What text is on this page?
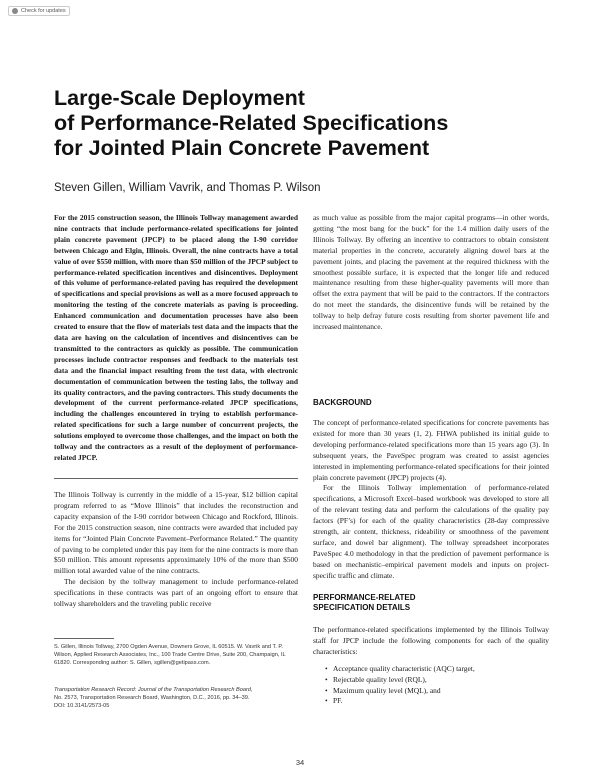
Check for updates
Large-Scale Deployment
of Performance-Related Specifications
for Jointed Plain Concrete Pavement
Steven Gillen, William Vavrik, and Thomas P. Wilson
For the 2015 construction season, the Illinois Tollway management awarded nine contracts that include performance-related specifications for jointed plain concrete pavement (JPCP) to be placed along the I-90 corridor between Chicago and Elgin, Illinois. Overall, the nine contracts have a total value of over $550 million, with more than $50 million of the JPCP subject to performance-related specification incentives and disincentives. Deployment of this volume of performance-related paving has required the development of specifications and special provisions as well as a more focused approach to monitoring the testing of the concrete materials as paving is proceeding. Enhanced communication and documentation processes have also been created to ensure that the flow of materials test data and the impacts that the data are having on the calculation of incentives and disincentives can be transmitted to the contractors as quickly as possible. The communication processes include contractor responses and feedback to the materials test data and the financial impact resulting from the test data, with electronic documentation of communication between the testing labs, the tollway and its quality contractors, and the paving contractors. This study documents the development of the current performance-related JPCP specifications, including the challenges encountered in trying to establish performance-related specifications for such a large number of concurrent projects, the solutions employed to overcome those challenges, and the impact on both the tollway and the contractors as a result of the deployment of performance-related JPCP.

The Illinois Tollway is currently in the middle of a 15-year, $12 billion capital program referred to as “Move Illinois” that includes the reconstruction and capacity expansion of the I-90 corridor between Chicago and Rockford, Illinois. For the 2015 construction season, nine contracts were awarded that included pay items for “Jointed Plain Concrete Pavement–Performance Related.” The quantity of paving to be completed under this pay item for the nine contracts is more than $50 million. This amount represents approximately 10% of the more than $500 million total awarded value of the nine contracts.

The decision by the tollway management to include performance-related specifications in these contracts was part of an ongoing effort to ensure that tollway shareholders and the traveling public receive

S. Gillen, Illinois Tollway, 2700 Ogden Avenue, Downers Grove, IL 60515. W. Vavrik and T. P. Wilson, Applied Research Associates, Inc., 100 Trade Centre Drive, Suite 200, Champaign, IL 61820. Corresponding author: S. Gillen, sgillen@getipass.com.
Transportation Research Record: Journal of the Transportation Research Board,
No. 2573, Transportation Research Board, Washington, D.C., 2016, pp. 34–39.
DOI: 10.3141/2573-05

as much value as possible from the major capital programs—in other words, getting “the most bang for the buck” for the 1.4 million daily users of the Illinois Tollway. By offering an incentive to contractors to obtain consistent material properties in the concrete, accurately aligning dowel bars at the pavement joints, and placing the pavement at the required thickness with the smoothest possible surface, it is expected that the longer life and reduced maintenance resulting from these higher-quality pavements will more than offset the extra payment that will be paid to the contractors. If the contractors do not meet the standards, the disincentive funds will be retained by the tollway to help defray future costs resulting from shorter pavement life and increased maintenance.

BACKGROUND

The concept of performance-related specifications for concrete pavements has existed for more than 30 years (1, 2). FHWA published its initial guide to developing performance-related specifications more than 15 years ago (3). In subsequent years, the PaveSpec program was created to assist agencies interested in implementing performance-related specifications for their jointed plain concrete pavement (JPCP) projects (4).

For the Illinois Tollway implementation of performance-related specifications, a Microsoft Excel–based workbook was developed to store all of the relevant testing data and perform the calculations of the quality pay factors (PF’s) for each of the quality characteristics (28-day compressive strength, air content, thickness, rideability or smoothness of the pavement surface, and dowel bar alignment). The tollway spreadsheet incorporates PaveSpec 4.0 methodology in that the prediction of pavement performance is based on mechanistic–empirical pavement models and inputs on project-specific traffic and climate.

PERFORMANCE-RELATED
SPECIFICATION DETAILS

The performance-related specifications implemented by the Illinois Tollway staff for JPCP include the following components for each of the quality characteristics:

• Acceptance quality characteristic (AQC) target,
• Rejectable quality level (RQL),
• Maximum quality level (MQL), and
• PF.
34
